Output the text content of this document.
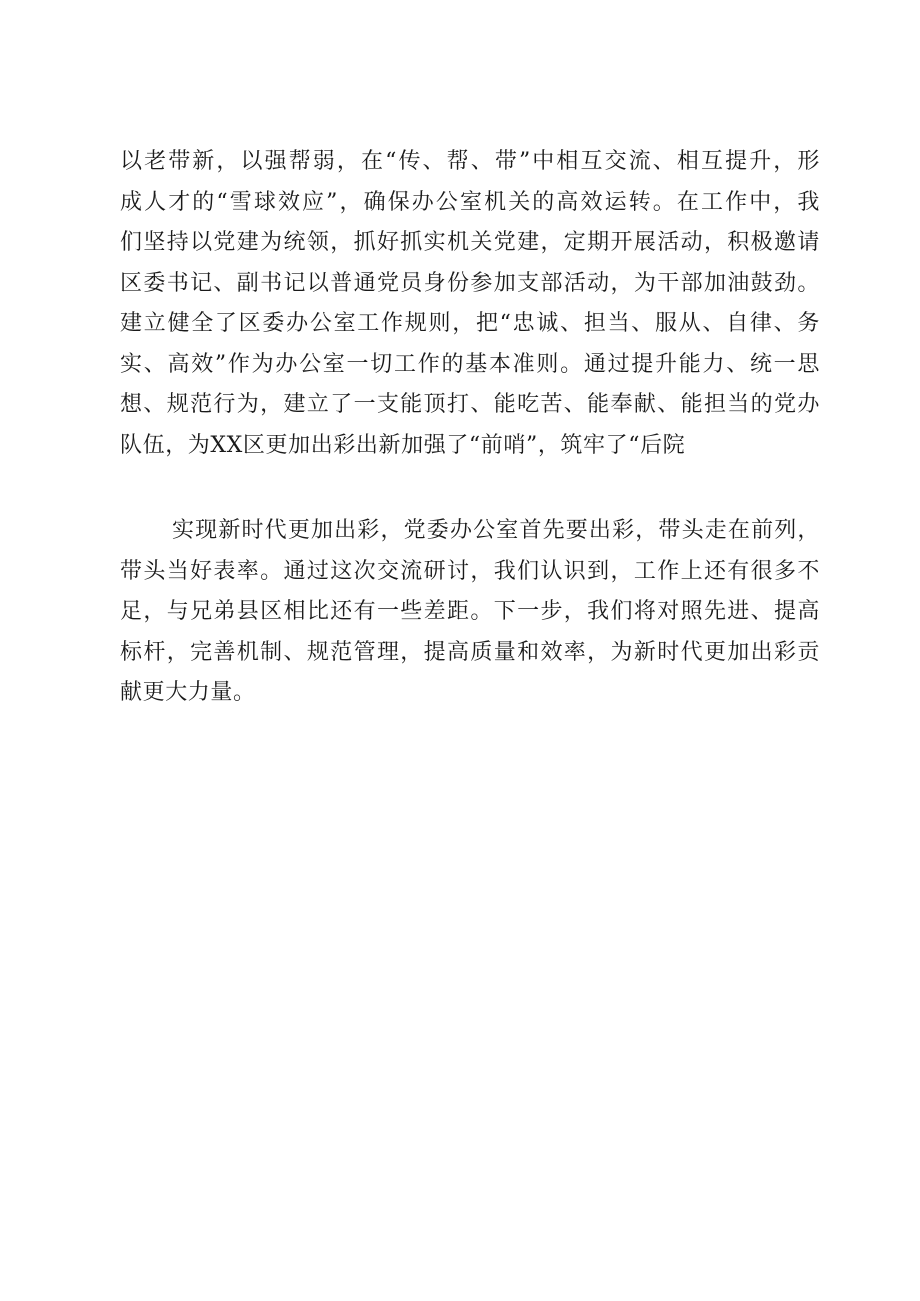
以老带新，以强帮弱，在“传、帮、带”中相互交流、相互提升，形
成人才的“雪球效应”，确保办公室机关的高效运转。在工作中，我
们坚持以党建为统领，抓好抓实机关党建，定期开展活动，积极邀请
区委书记、副书记以普通党员身份参加支部活动，为干部加油鼓劲。
建立健全了区委办公室工作规则，把“忠诚、担当、服从、自律、务
实、高效”作为办公室一切工作的基本准则。通过提升能力、统一思
想、规范行为，建立了一支能顶打、能吃苦、能奉献、能担当的党办
队伍，为XX区更加出彩出新加强了“前哨”，筑牢了“后院
实现新时代更加出彩，党委办公室首先要出彩，带头走在前列，
带头当好表率。通过这次交流研讨，我们认识到，工作上还有很多不
足，与兄弟县区相比还有一些差距。下一步，我们将对照先进、提高
标杆，完善机制、规范管理，提高质量和效率，为新时代更加出彩贡
献更大力量。
